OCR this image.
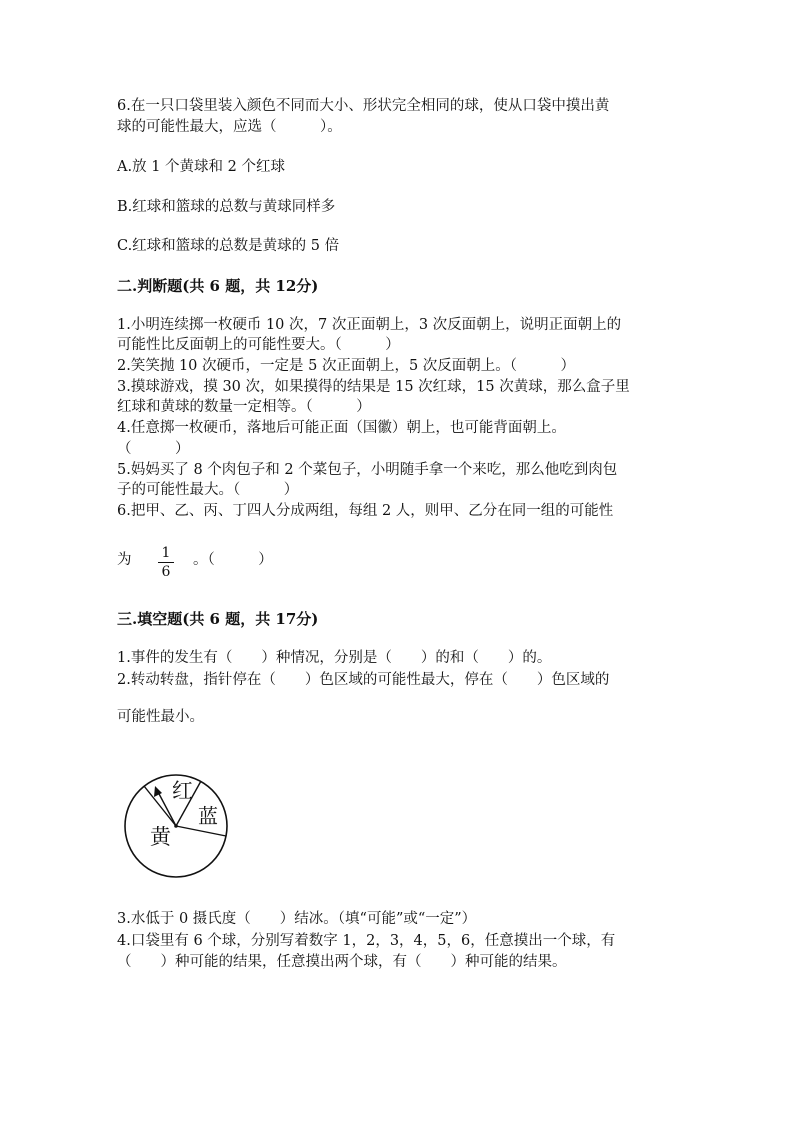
6.在一只口袋里装入颜色不同而大小、形状完全相同的球，使从口袋中摸出黄
球的可能性最大，应选（　　　）。
A.放 1 个黄球和 2 个红球
B.红球和篮球的总数与黄球同样多
C.红球和篮球的总数是黄球的 5 倍
二.判断题(共 6 题，共 12分)
1.小明连续掷一枚硬币 10 次，7 次正面朝上，3 次反面朝上，说明正面朝上的
可能性比反面朝上的可能性要大。（　　　）
2.笑笑抛 10 次硬币，一定是 5 次正面朝上，5 次反面朝上。（　　　）
3.摸球游戏，摸 30 次，如果摸得的结果是 15 次红球，15 次黄球，那么盒子里
红球和黄球的数量一定相等。（　　　）
4.任意掷一枚硬币，落地后可能正面（国徽）朝上，也可能背面朝上。
（　　　）
5.妈妈买了 8 个肉包子和 2 个菜包子，小明随手拿一个来吃，那么他吃到肉包
子的可能性最大。（　　　）
6.把甲、乙、丙、丁四人分成两组，每组 2 人，则甲、乙分在同一组的可能性
为	1
6
。（　　　）
三.填空题(共 6 题，共 17分)
1.事件的发生有（　　）种情况，分别是（　　）的和（　　）的。
2.转动转盘，指针停在（　　）色区域的可能性最大，停在（　　）色区域的
可能性最小。
红
蓝
黄
3.水低于 0 摄氏度（　　）结冰。（填“可能”或“一定”）
4.口袋里有 6 个球，分别写着数字 1，2，3，4，5，6，任意摸出一个球，有
（　　）种可能的结果，任意摸出两个球，有（　　）种可能的结果。
